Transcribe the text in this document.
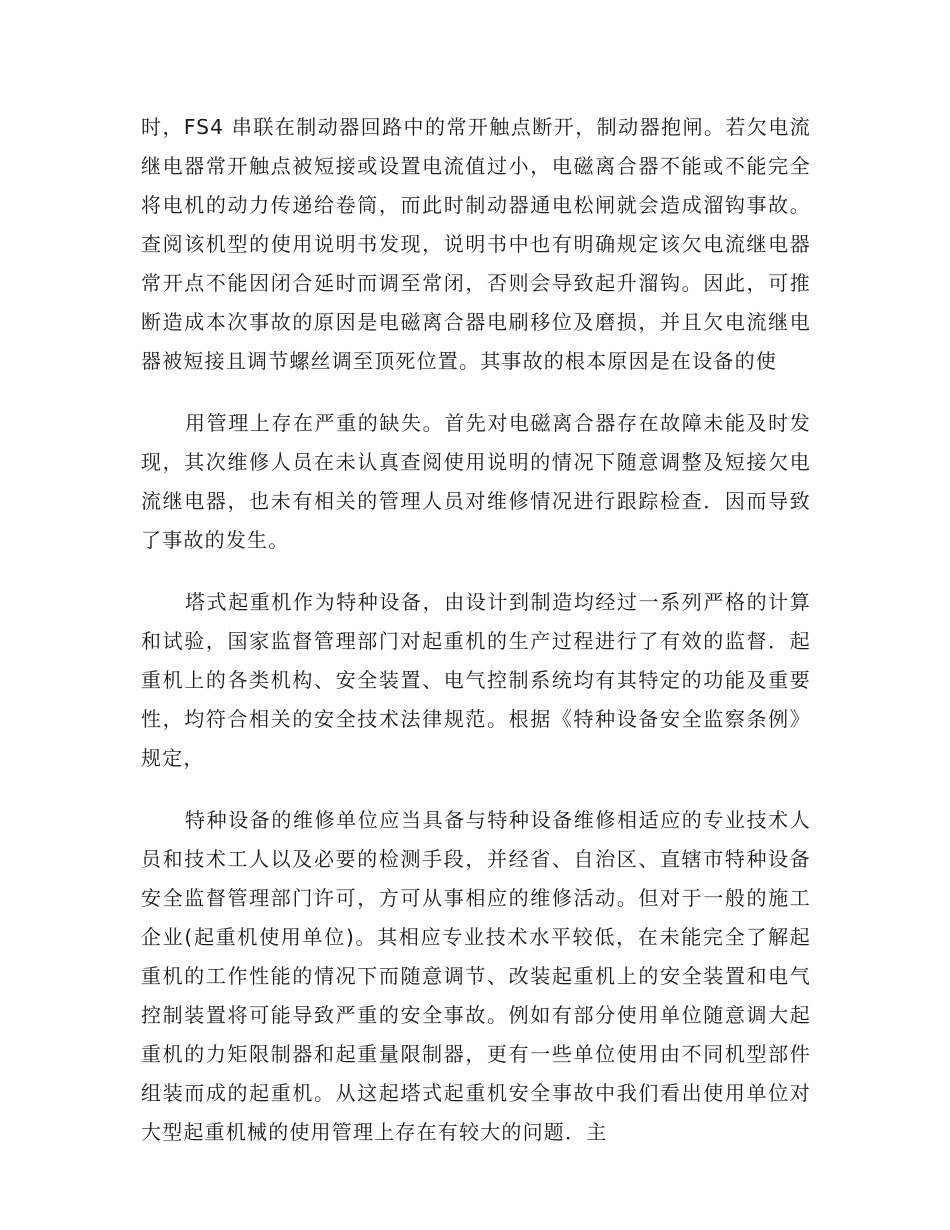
时，FS4 串联在制动器回路中的常开触点断开，制动器抱闸。若欠电流继电器常开触点被短接或设置电流值过小，电磁离合器不能或不能完全将电机的动力传递给卷筒，而此时制动器通电松闸就会造成溜钩事故。查阅该机型的使用说明书发现，说明书中也有明确规定该欠电流继电器常开点不能因闭合延时而调至常闭，否则会导致起升溜钩。因此，可推断造成本次事故的原因是电磁离合器电刷移位及磨损，并且欠电流继电器被短接且调节螺丝调至顶死位置。其事故的根本原因是在设备的使

用管理上存在严重的缺失。首先对电磁离合器存在故障未能及时发现，其次维修人员在未认真查阅使用说明的情况下随意调整及短接欠电流继电器，也未有相关的管理人员对维修情况进行跟踪检查．因而导致了事故的发生。

塔式起重机作为特种设备，由设计到制造均经过一系列严格的计算和试验，国家监督管理部门对起重机的生产过程进行了有效的监督．起重机上的各类机构、安全装置、电气控制系统均有其特定的功能及重要性，均符合相关的安全技术法律规范。根据《特种设备安全监察条例》规定，

特种设备的维修单位应当具备与特种设备维修相适应的专业技术人员和技术工人以及必要的检测手段，并经省、自治区、直辖市特种设备安全监督管理部门许可，方可从事相应的维修活动。但对于一般的施工企业(起重机使用单位)。其相应专业技术水平较低，在未能完全了解起重机的工作性能的情况下而随意调节、改装起重机上的安全装置和电气控制装置将可能导致严重的安全事故。例如有部分使用单位随意调大起重机的力矩限制器和起重量限制器，更有一些单位使用由不同机型部件组装而成的起重机。从这起塔式起重机安全事故中我们看出使用单位对大型起重机械的使用管理上存在有较大的问题．主
